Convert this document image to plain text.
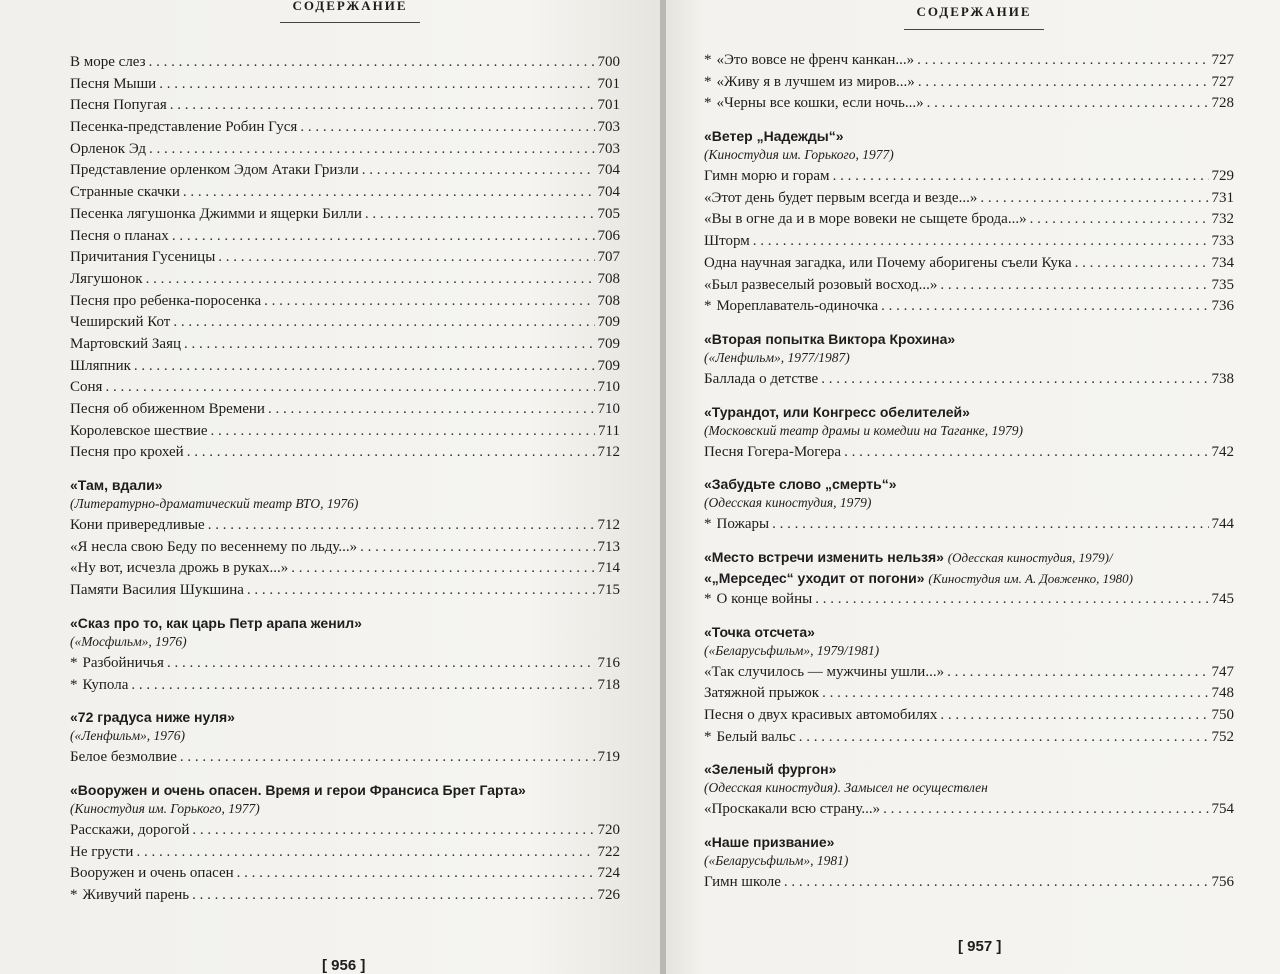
СОДЕРЖАНИЕ
В море слез . . .	700
Песня Мыши . . .	701
Песня Попугая . . .	701
Песенка-представление Робин Гуся . . .	703
Орленок Эд . . .	703
Представление орленком Эдом Атаки Гризли . . .	704
Странные скачки . . .	704
Песенка лягушонка Джимми и ящерки Билли . . .	705
Песня о планах . . .	706
Причитания Гусеницы . . .	707
Лягушонок . . .	708
Песня про ребенка-поросенка . . .	708
Чеширский Кот . . .	709
Мартовский Заяц . . .	709
Шляпник . . .	709
Соня . . .	710
Песня об обиженном Времени . . .	710
Королевское шествие . . .	711
Песня про крохей . . .	712
«Там, вдали»
(Литературно-драматический театр ВТО, 1976)
Кони привередливые . . .	712
«Я несла свою Беду по весеннему по льду...» . . .	713
«Ну вот, исчезла дрожь в руках...» . . .	714
Памяти Василия Шукшина . . .	715
«Сказ про то, как царь Петр арапа женил»
(«Мосфильм», 1976)
* Разбойничья . . .	716
* Купола . . .	718
«72 градуса ниже нуля»
(«Ленфильм», 1976)
Белое безмолвие . . .	719
«Вооружен и очень опасен. Время и герои Франсиса Брет Гарта»
(Киностудия им. Горького, 1977)
Расскажи, дорогой . . .	720
Не грусти . . .	722
Вооружен и очень опасен . . .	724
* Живучий парень . . .	726
[ 956 ]
СОДЕРЖАНИЕ
* «Это вовсе не френч канкан...» . . .	727
* «Живу я в лучшем из миров...» . . .	727
* «Черны все кошки, если ночь...» . . .	728
«Ветер „Надежды“»
(Киностудия им. Горького, 1977)
Гимн морю и горам . . .	729
«Этот день будет первым всегда и везде...» . . .	731
«Вы в огне да и в море вовеки не сыщете брода...» . . .	732
Шторм . . .	733
Одна научная загадка, или Почему аборигены съели Кука . . .	734
«Был развеселый розовый восход...» . . .	735
* Мореплаватель-одиночка . . .	736
«Вторая попытка Виктора Крохина»
(«Ленфильм», 1977/1987)
Баллада о детстве . . .	738
«Турандот, или Конгресс обелителей»
(Московский театр драмы и комедии на Таганке, 1979)
Песня Гогера-Могера . . .	742
«Забудьте слово „смерть“»
(Одесская киностудия, 1979)
* Пожары . . .	744
«Место встречи изменить нельзя» (Одесская киностудия, 1979)/
«„Мерседес“ уходит от погони» (Киностудия им. А. Довженко, 1980)
* О конце войны . . .	745
«Точка отсчета»
(«Беларусьфильм», 1979/1981)
«Так случилось — мужчины ушли...» . . .	747
Затяжной прыжок . . .	748
Песня о двух красивых автомобилях . . .	750
* Белый вальс . . .	752
«Зеленый фургон»
(Одесская киностудия). Замысел не осуществлен
«Проскакали всю страну...» . . .	754
«Наше призвание»
(«Беларусьфильм», 1981)
Гимн школе . . .	756
[ 957 ]
